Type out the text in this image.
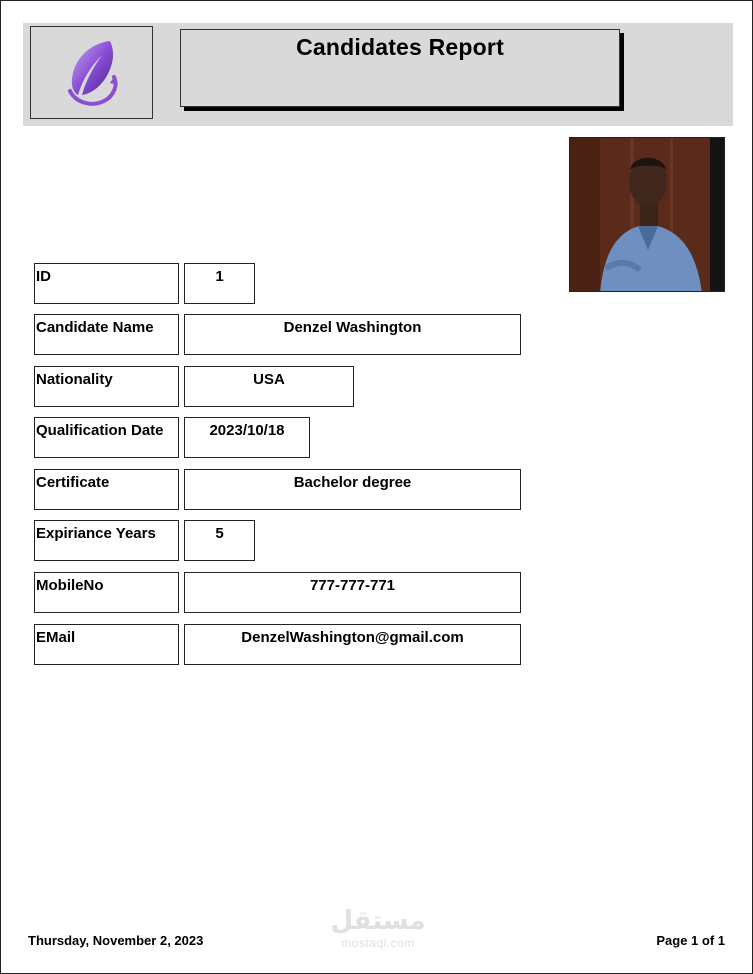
Candidates Report
ID	1
Candidate Name	Denzel Washington
Nationality	USA
Qualification Date	2023/10/18
Certificate	Bachelor degree
Expiriance Years	5
MobileNo	777-777-771
EMail	DenzelWashington@gmail.com
مستقل
mostaql.com
Thursday, November 2, 2023	Page 1 of 1
